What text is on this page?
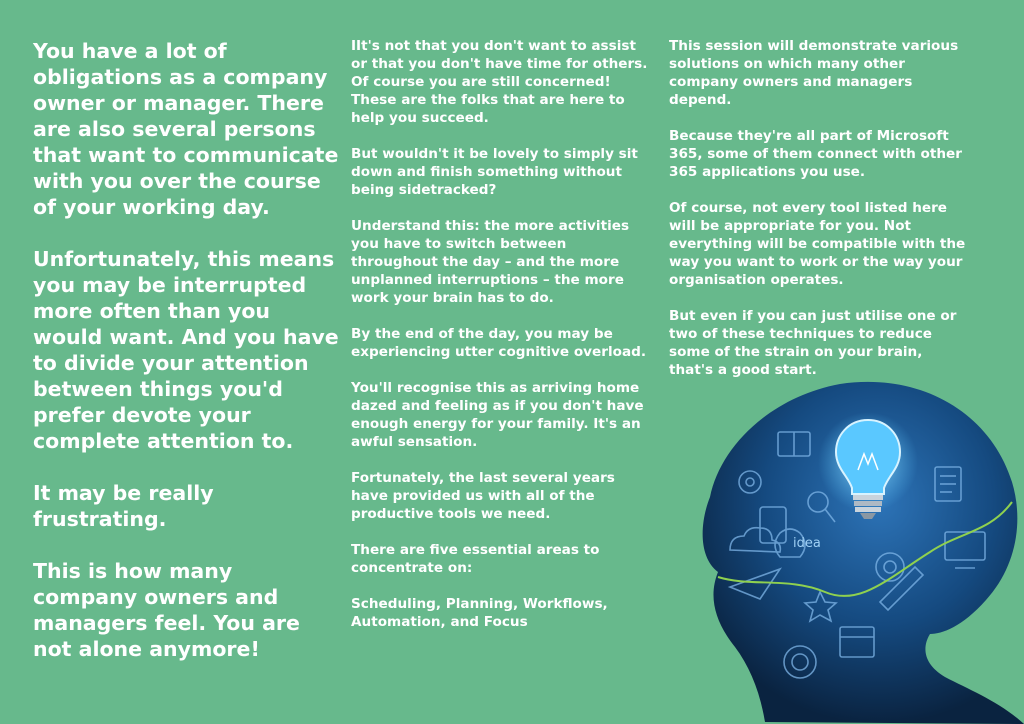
You have a lot of obligations as a company owner or manager. There are also several persons that want to communicate with you over the course of your working day.

Unfortunately, this means you may be interrupted more often than you would want. And you have to divide your attention between things you'd prefer devote your complete attention to.

It may be really frustrating.

This is how many company owners and managers feel. You are not alone anymore!

IIt's not that you don't want to assist or that you don't have time for others. Of course you are still concerned! These are the folks that are here to help you succeed.

But wouldn't it be lovely to simply sit down and finish something without being sidetracked?

Understand this: the more activities you have to switch between throughout the day – and the more unplanned interruptions – the more work your brain has to do.

By the end of the day, you may be experiencing utter cognitive overload.

You'll recognise this as arriving home dazed and feeling as if you don't have enough energy for your family. It's an awful sensation.

Fortunately, the last several years have provided us with all of the productive tools we need.

There are five essential areas to concentrate on:

Scheduling, Planning, Workflows, Automation, and Focus

This session will demonstrate various solutions on which many other company owners and managers depend.

Because they're all part of Microsoft 365, some of them connect with other 365 applications you use.

Of course, not every tool listed here will be appropriate for you. Not everything will be compatible with the way you want to work or the way your organisation operates.

But even if you can just utilise one or two of these techniques to reduce some of the strain on your brain, that's a good start.

idea
